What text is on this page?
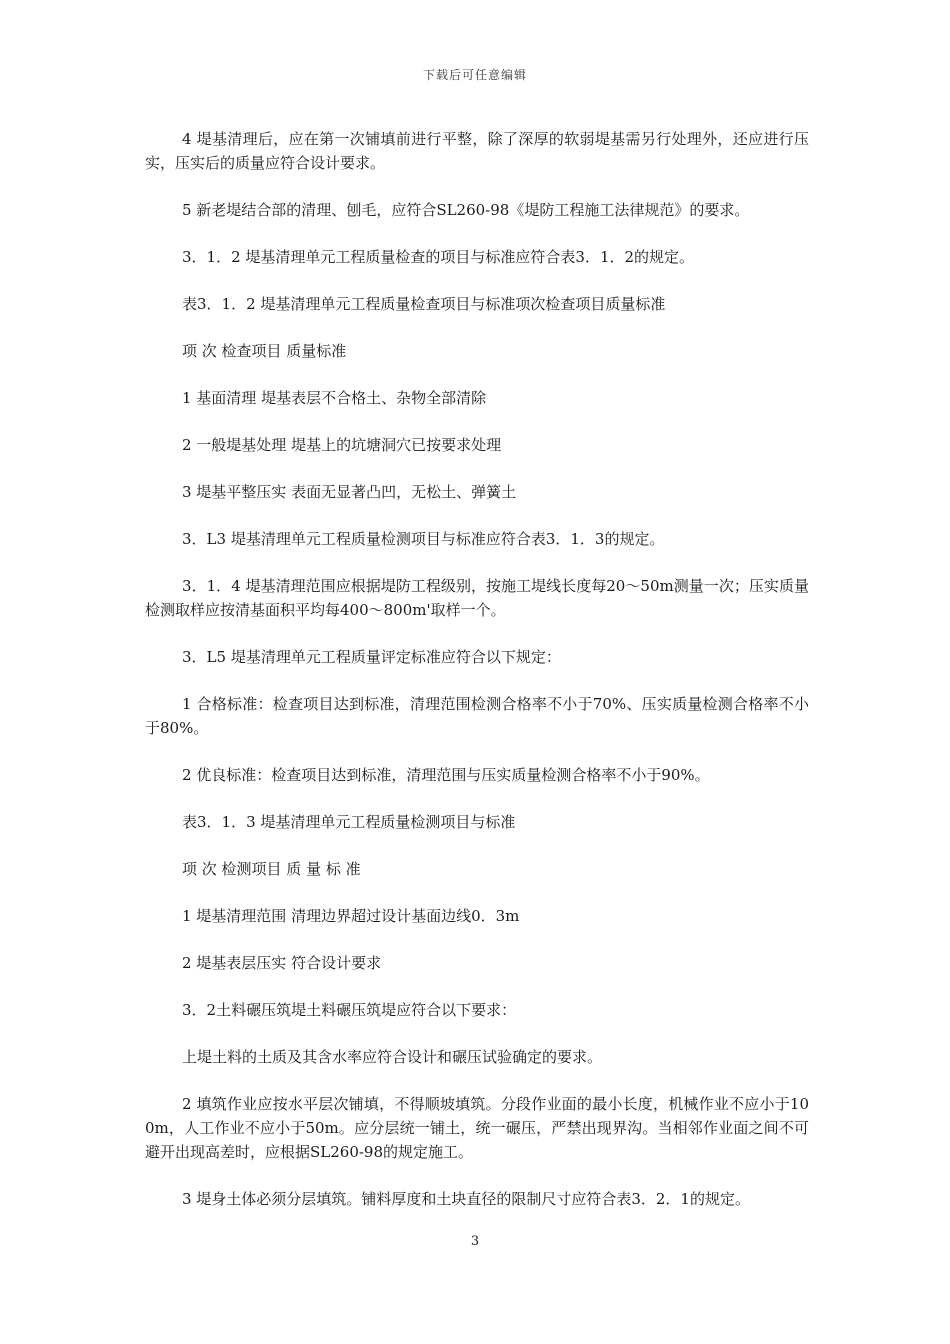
下载后可任意编辑

4 堤基清理后，应在第一次铺填前进行平整，除了深厚的软弱堤基需另行处理外，还应进行压实，压实后的质量应符合设计要求。

5 新老堤结合部的清理、刨毛，应符合SL260-98《堤防工程施工法律规范》的要求。

3．1．2 堤基清理单元工程质量检查的项目与标准应符合表3．1．2的规定。

表3．1．2 堤基清理单元工程质量检查项目与标准项次检查项目质量标准

项 次 检查项目 质量标准

1 基面清理 堤基表层不合格土、杂物全部清除

2 一般堤基处理 堤基上的坑塘洞穴已按要求处理

3 堤基平整压实 表面无显著凸凹，无松土、弹簧土

3．L3 堤基清理单元工程质量检测项目与标准应符合表3．1．3的规定。

3．1．4 堤基清理范围应根据堤防工程级别，按施工堤线长度每20～50m测量一次；压实质量检测取样应按清基面积平均每400～800m'取样一个。

3．L5 堤基清理单元工程质量评定标准应符合以下规定：

1 合格标准：检查项目达到标准，清理范围检测合格率不小于70%、压实质量检测合格率不小于80%。

2 优良标准：检查项目达到标准，清理范围与压实质量检测合格率不小于90%。

表3．1．3 堤基清理单元工程质量检测项目与标准

项 次 检测项目 质 量 标 准

1 堤基清理范围 清理边界超过设计基面边线0．3m

2 堤基表层压实 符合设计要求

3．2土料碾压筑堤土料碾压筑堤应符合以下要求：

上堤土料的土质及其含水率应符合设计和碾压试验确定的要求。

2 填筑作业应按水平层次铺填，不得顺坡填筑。分段作业面的最小长度，机械作业不应小于100m，人工作业不应小于50m。应分层统一铺土，统一碾压，严禁出现界沟。当相邻作业面之间不可避开出现高差时，应根据SL260-98的规定施工。

3 堤身土体必须分层填筑。铺料厚度和土块直径的限制尺寸应符合表3．2．1的规定。

3
